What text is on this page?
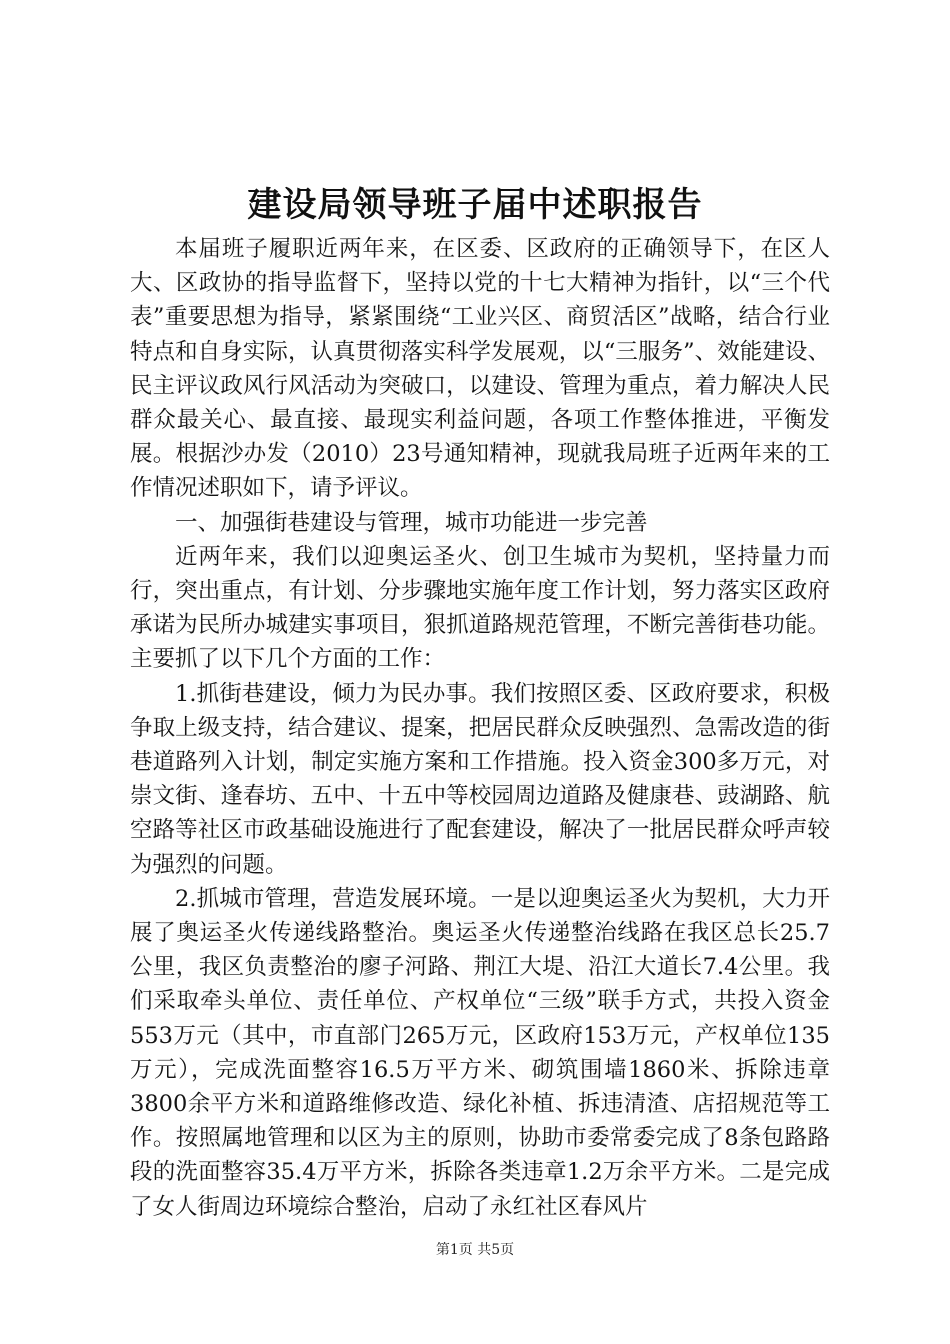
建设局领导班子届中述职报告

本届班子履职近两年来，在区委、区政府的正确领导下，在区人大、区政协的指导监督下，坚持以党的十七大精神为指针，以“三个代表”重要思想为指导，紧紧围绕“工业兴区、商贸活区”战略，结合行业特点和自身实际，认真贯彻落实科学发展观，以“三服务”、效能建设、民主评议政风行风活动为突破口，以建设、管理为重点，着力解决人民群众最关心、最直接、最现实利益问题，各项工作整体推进，平衡发展。根据沙办发（2010）23号通知精神，现就我局班子近两年来的工作情况述职如下，请予评议。

一、加强街巷建设与管理，城市功能进一步完善

近两年来，我们以迎奥运圣火、创卫生城市为契机，坚持量力而行，突出重点，有计划、分步骤地实施年度工作计划，努力落实区政府承诺为民所办城建实事项目，狠抓道路规范管理，不断完善街巷功能。主要抓了以下几个方面的工作：

1.抓街巷建设，倾力为民办事。我们按照区委、区政府要求，积极争取上级支持，结合建议、提案，把居民群众反映强烈、急需改造的街巷道路列入计划，制定实施方案和工作措施。投入资金300多万元，对崇文街、逢春坊、五中、十五中等校园周边道路及健康巷、豉湖路、航空路等社区市政基础设施进行了配套建设，解决了一批居民群众呼声较为强烈的问题。

2.抓城市管理，营造发展环境。一是以迎奥运圣火为契机，大力开展了奥运圣火传递线路整治。奥运圣火传递整治线路在我区总长25.7公里，我区负责整治的廖子河路、荆江大堤、沿江大道长7.4公里。我们采取牵头单位、责任单位、产权单位“三级”联手方式，共投入资金553万元（其中，市直部门265万元，区政府153万元，产权单位135万元），完成洗面整容16.5万平方米、砌筑围墙1860米、拆除违章3800余平方米和道路维修改造、绿化补植、拆违清渣、店招规范等工作。按照属地管理和以区为主的原则，协助市委常委完成了8条包路路段的洗面整容35.4万平方米，拆除各类违章1.2万余平方米。二是完成了女人街周边环境综合整治，启动了永红社区春风片

第1页 共5页
